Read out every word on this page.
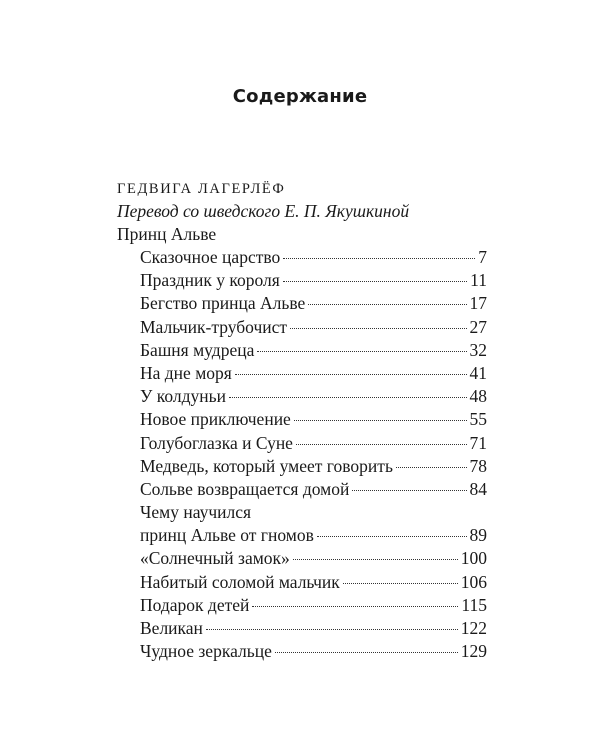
Содержание
ГЕДВИГА ЛАГЕРЛЁФ
Перевод со шведского Е. П. Якушкиной
Принц Альве
Сказочное царство	7
Праздник у короля	11
Бегство принца Альве	17
Мальчик-трубочист	27
Башня мудреца	32
На дне моря	41
У колдуньи	48
Новое приключение	55
Голубоглазка и Суне	71
Медведь, который умеет говорить	78
Сольве возвращается домой	84
Чему научился
принц Альве от гномов	89
«Солнечный замок»	100
Набитый соломой мальчик	106
Подарок детей	115
Великан	122
Чудное зеркальце	129
